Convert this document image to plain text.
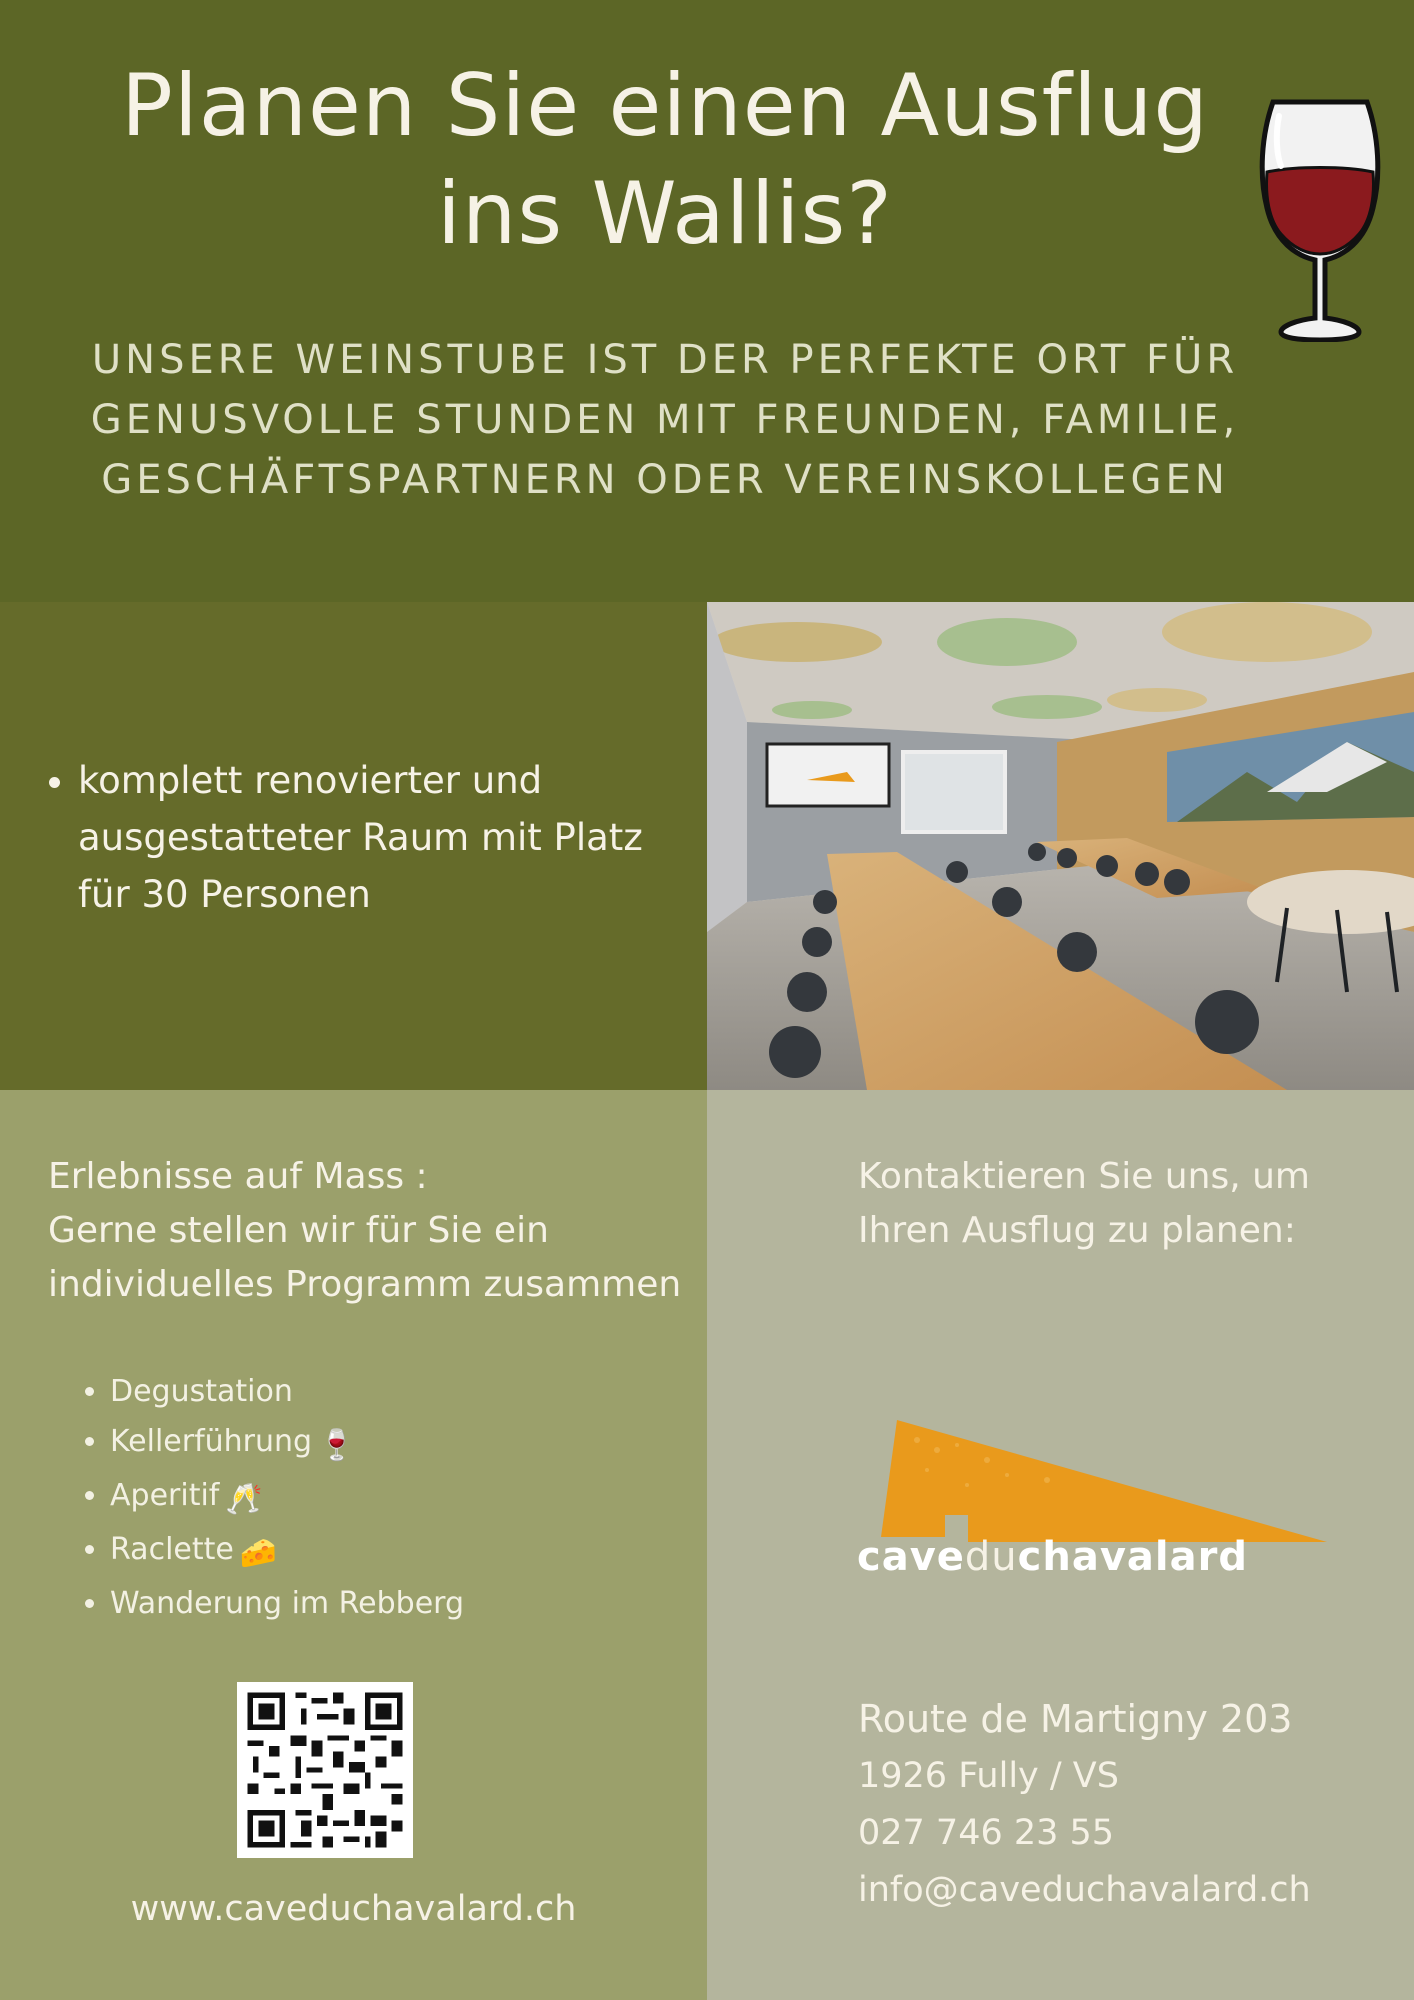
Planen Sie einen Ausflug ins Wallis?

UNSERE WEINSTUBE IST DER PERFEKTE ORT FÜR GENUSVOLLE STUNDEN MIT FREUNDEN, FAMILIE, GESCHÄFTSPARTNERN ODER VEREINSKOLLEGEN

• komplett renovierter und ausgestatteter Raum mit Platz für 30 Personen
Erlebnisse auf Mass :
Gerne stellen wir für Sie ein individuelles Programm zusammen
• Degustation
• Kellerführung 🍷
• Aperitif 🥂
• Raclette 🧀
• Wanderung im Rebberg
www.caveduchavalard.ch
Kontaktieren Sie uns, um Ihren Ausflug zu planen:
caveduchavalard
Route de Martigny 203
1926 Fully / VS
027 746 23 55
info@caveduchavalard.ch
